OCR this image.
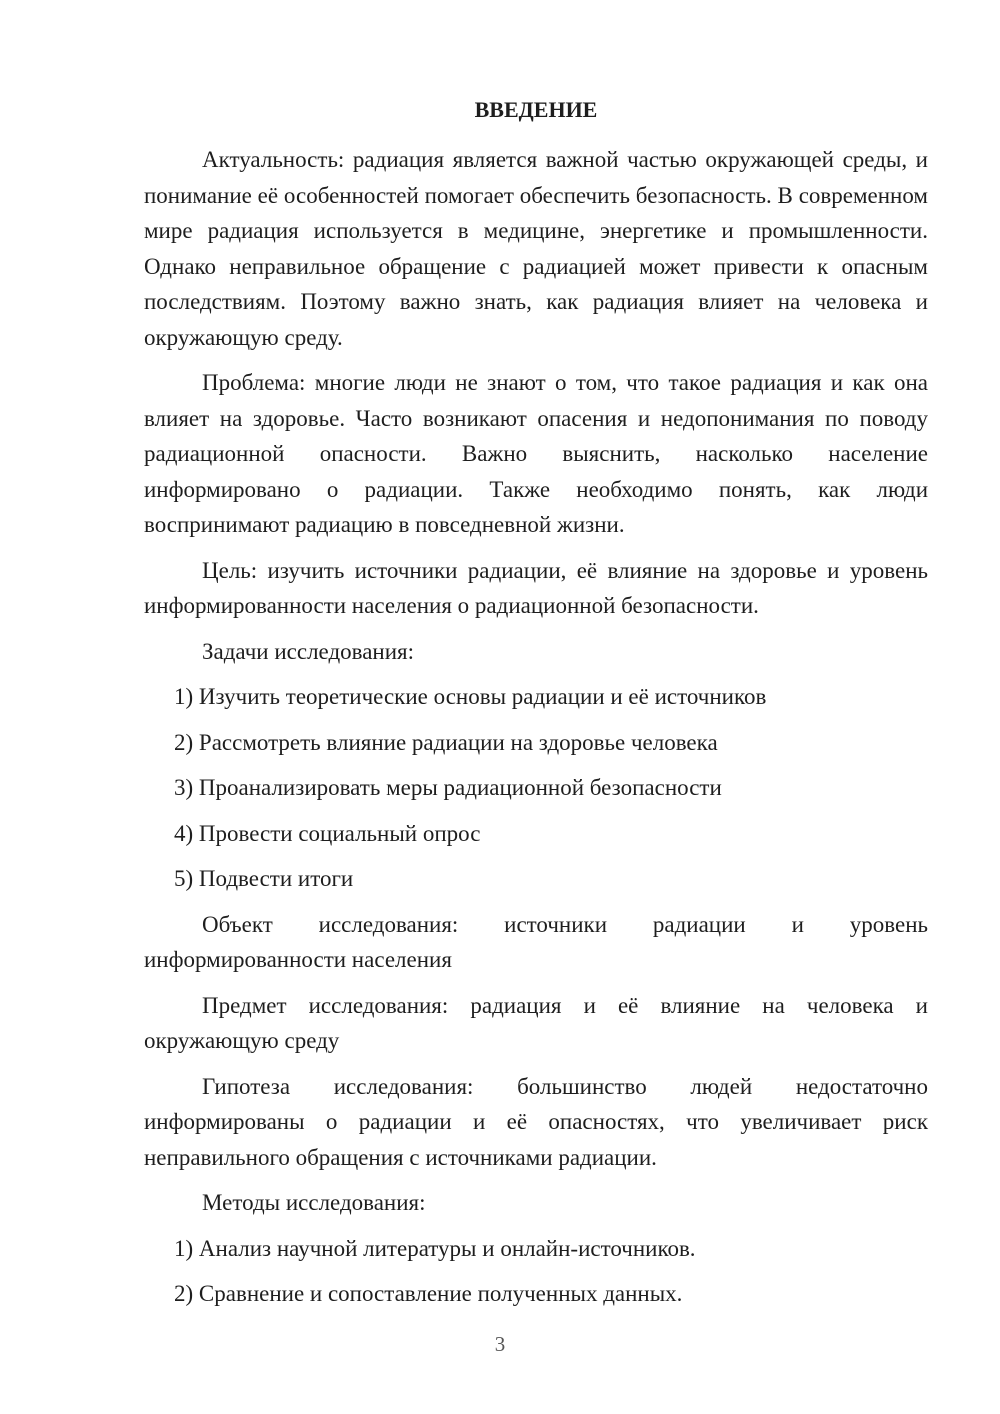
ВВЕДЕНИЕ

Актуальность: радиация является важной частью окружающей среды, и понимание её особенностей помогает обеспечить безопасность. В современном мире радиация используется в медицине, энергетике и промышленности. Однако неправильное обращение с радиацией может привести к опасным последствиям. Поэтому важно знать, как радиация влияет на человека и окружающую среду.

Проблема: многие люди не знают о том, что такое радиация и как она влияет на здоровье. Часто возникают опасения и недопонимания по поводу радиационной опасности. Важно выяснить, насколько население информировано о радиации. Также необходимо понять, как люди воспринимают радиацию в повседневной жизни.

Цель: изучить источники радиации, её влияние на здоровье и уровень информированности населения о радиационной безопасности.

Задачи исследования:

1) Изучить теоретические основы радиации и её источников

2) Рассмотреть влияние радиации на здоровье человека

3) Проанализировать меры радиационной безопасности

4) Провести социальный опрос

5) Подвести итоги

Объект исследования: источники радиации и уровень информированности населения

Предмет исследования: радиация и её влияние на человека и окружающую среду

Гипотеза исследования: большинство людей недостаточно информированы о радиации и её опасностях, что увеличивает риск неправильного обращения с источниками радиации.

Методы исследования:

1) Анализ научной литературы и онлайн-источников.

2) Сравнение и сопоставление полученных данных.

3
